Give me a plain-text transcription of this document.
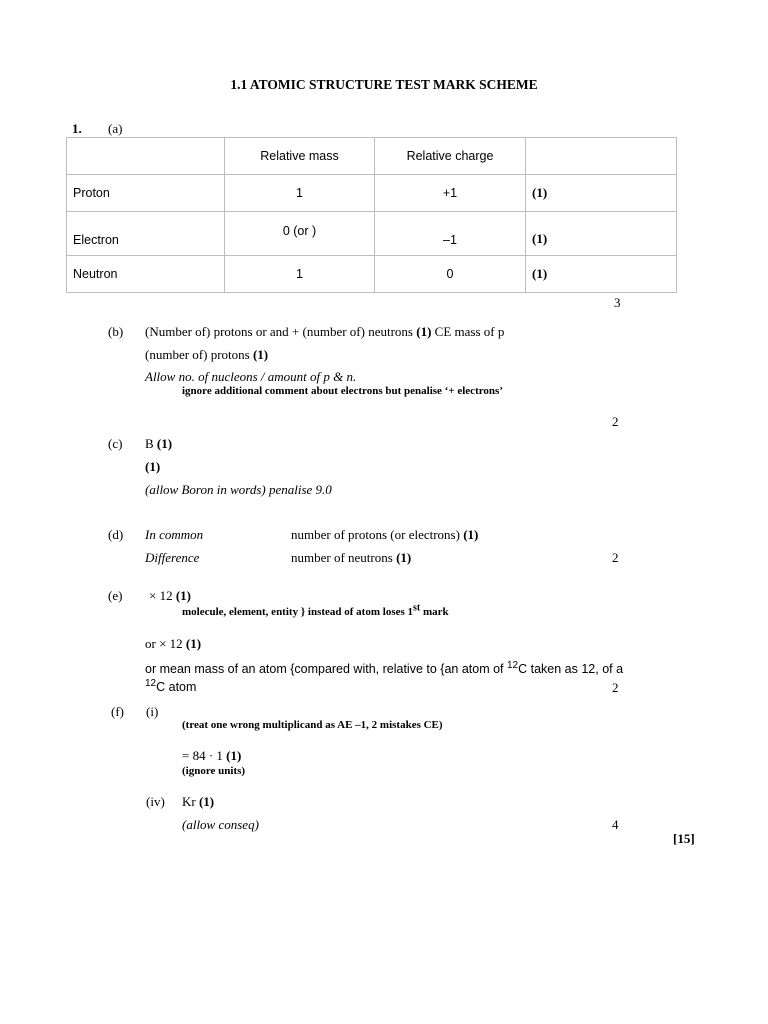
1.1 ATOMIC STRUCTURE TEST MARK SCHEME
1. (a)
	Relative mass	Relative charge	
Proton	1	+1	(1)
Electron	0 (or )	–1	(1)
Neutron	1	0	(1)
3
(b) (Number of) protons or and + (number of) neutrons (1) CE mass of p
(number of) protons (1)
Allow no. of nucleons / amount of p & n.
ignore additional comment about electrons but penalise ‘+ electrons’
2
(c) B (1)
(1)
(allow Boron in words) penalise 9.0
(d) In common	number of protons (or electrons) (1)
Difference	number of neutrons (1)	2
(e) × 12 (1)
molecule, element, entity } instead of atom loses 1st mark
or × 12 (1)
or mean mass of an atom {compared with, relative to {an atom of $^{12}$C taken as 12, of a
$^{12}$C atom	2
(f) (i)
(treat one wrong multiplicand as AE –1, 2 mistakes CE)
= 84 · 1 (1)
(ignore units)
(iv) Kr (1)
(allow conseq)	4
[15]
